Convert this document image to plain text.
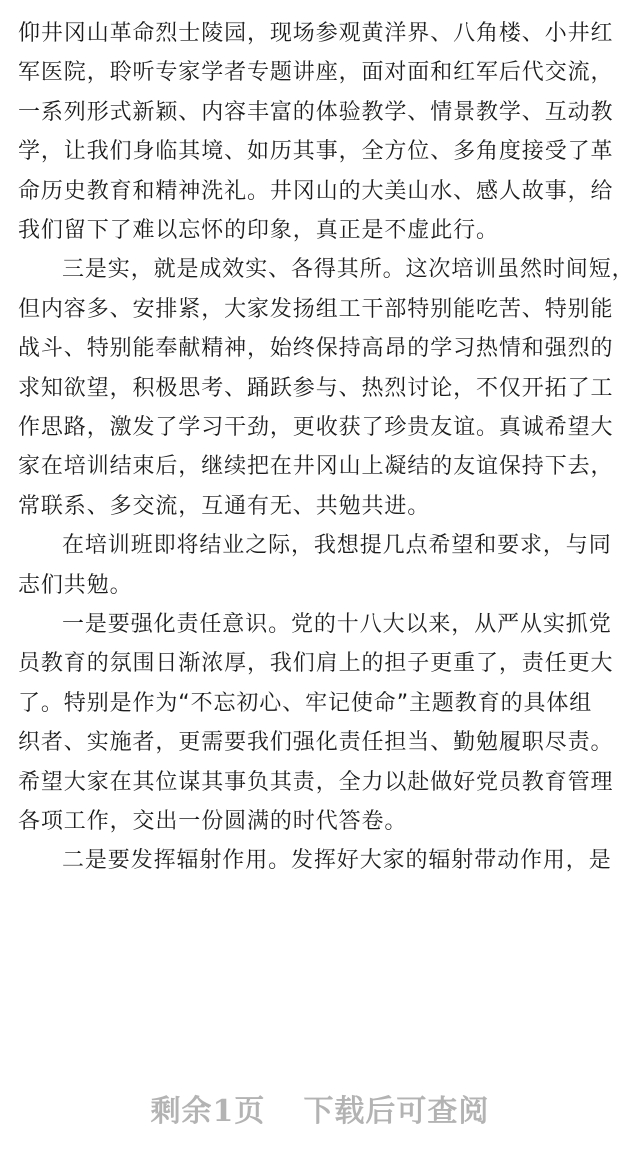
仰井冈山革命烈士陵园，现场参观黄洋界、八角楼、小井红
军医院，聆听专家学者专题讲座，面对面和红军后代交流，
一系列形式新颖、内容丰富的体验教学、情景教学、互动教
学，让我们身临其境、如历其事，全方位、多角度接受了革
命历史教育和精神洗礼。井冈山的大美山水、感人故事，给
我们留下了难以忘怀的印象，真正是不虚此行。
三是实，就是成效实、各得其所。这次培训虽然时间短，
但内容多、安排紧，大家发扬组工干部特别能吃苦、特别能
战斗、特别能奉献精神，始终保持高昂的学习热情和强烈的
求知欲望，积极思考、踊跃参与、热烈讨论，不仅开拓了工
作思路，激发了学习干劲，更收获了珍贵友谊。真诚希望大
家在培训结束后，继续把在井冈山上凝结的友谊保持下去，
常联系、多交流，互通有无、共勉共进。
在培训班即将结业之际，我想提几点希望和要求，与同
志们共勉。
一是要强化责任意识。党的十八大以来，从严从实抓党
员教育的氛围日渐浓厚，我们肩上的担子更重了，责任更大
了。特别是作为“不忘初心、牢记使命”主题教育的具体组
织者、实施者，更需要我们强化责任担当、勤勉履职尽责。
希望大家在其位谋其事负其责，全力以赴做好党员教育管理
各项工作，交出一份圆满的时代答卷。
二是要发挥辐射作用。发挥好大家的辐射带动作用，是
剩余1页 下载后可查阅
